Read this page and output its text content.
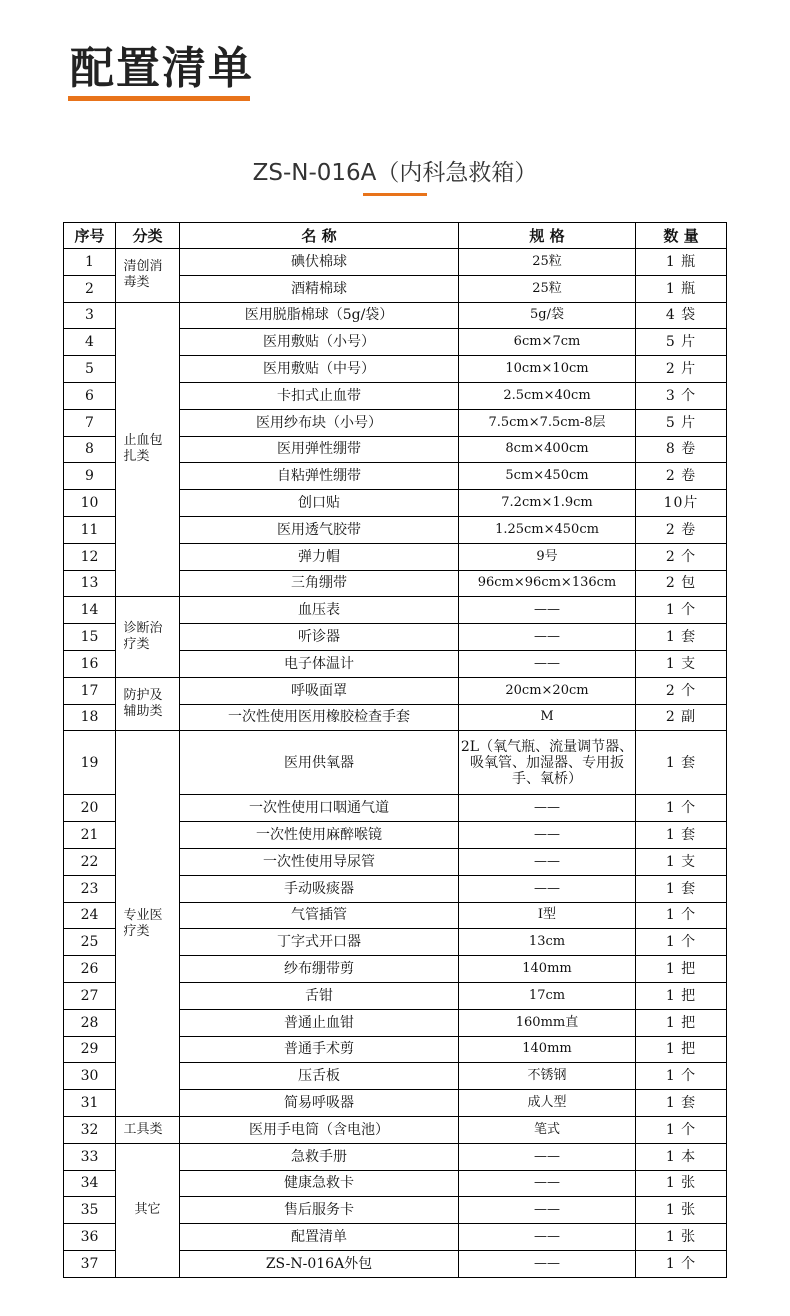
配置清单
ZS-N-016A（内科急救箱）
序号	分类	名 称	规 格	数 量
1	清创消毒类	碘伏棉球	25粒	1 瓶
2		酒精棉球	25粒	1 瓶
3	止血包扎类	医用脱脂棉球（5g/袋）	5g/袋	4 袋
4		医用敷贴（小号）	6cm×7cm	5 片
5		医用敷贴（中号）	10cm×10cm	2 片
6		卡扣式止血带	2.5cm×40cm	3 个
7		医用纱布块（小号）	7.5cm×7.5cm-8层	5 片
8		医用弹性绷带	8cm×400cm	8 卷
9		自粘弹性绷带	5cm×450cm	2 卷
10		创口贴	7.2cm×1.9cm	10片
11		医用透气胶带	1.25cm×450cm	2 卷
12		弹力帽	9号	2 个
13		三角绷带	96cm×96cm×136cm	2 包
14	诊断治疗类	血压表	——	1 个
15		听诊器	——	1 套
16		电子体温计	——	1 支
17	防护及辅助类	呼吸面罩	20cm×20cm	2 个
18		一次性使用医用橡胶检查手套	M	2 副
19	专业医疗类	医用供氧器	2L（氧气瓶、流量调节器、吸氧管、加湿器、专用扳手、氧桥）	1 套
20		一次性使用口咽通气道	——	1 个
21		一次性使用麻醉喉镜	——	1 套
22		一次性使用导尿管	——	1 支
23		手动吸痰器	——	1 套
24		气管插管	I型	1 个
25		丁字式开口器	13cm	1 个
26		纱布绷带剪	140mm	1 把
27		舌钳	17cm	1 把
28		普通止血钳	160mm直	1 把
29		普通手术剪	140mm	1 把
30		压舌板	不锈钢	1 个
31		简易呼吸器	成人型	1 套
32	工具类	医用手电筒（含电池）	笔式	1 个
33	其它	急救手册	——	1 本
34		健康急救卡	——	1 张
35		售后服务卡	——	1 张
36		配置清单	——	1 张
37		ZS-N-016A外包	——	1 个
